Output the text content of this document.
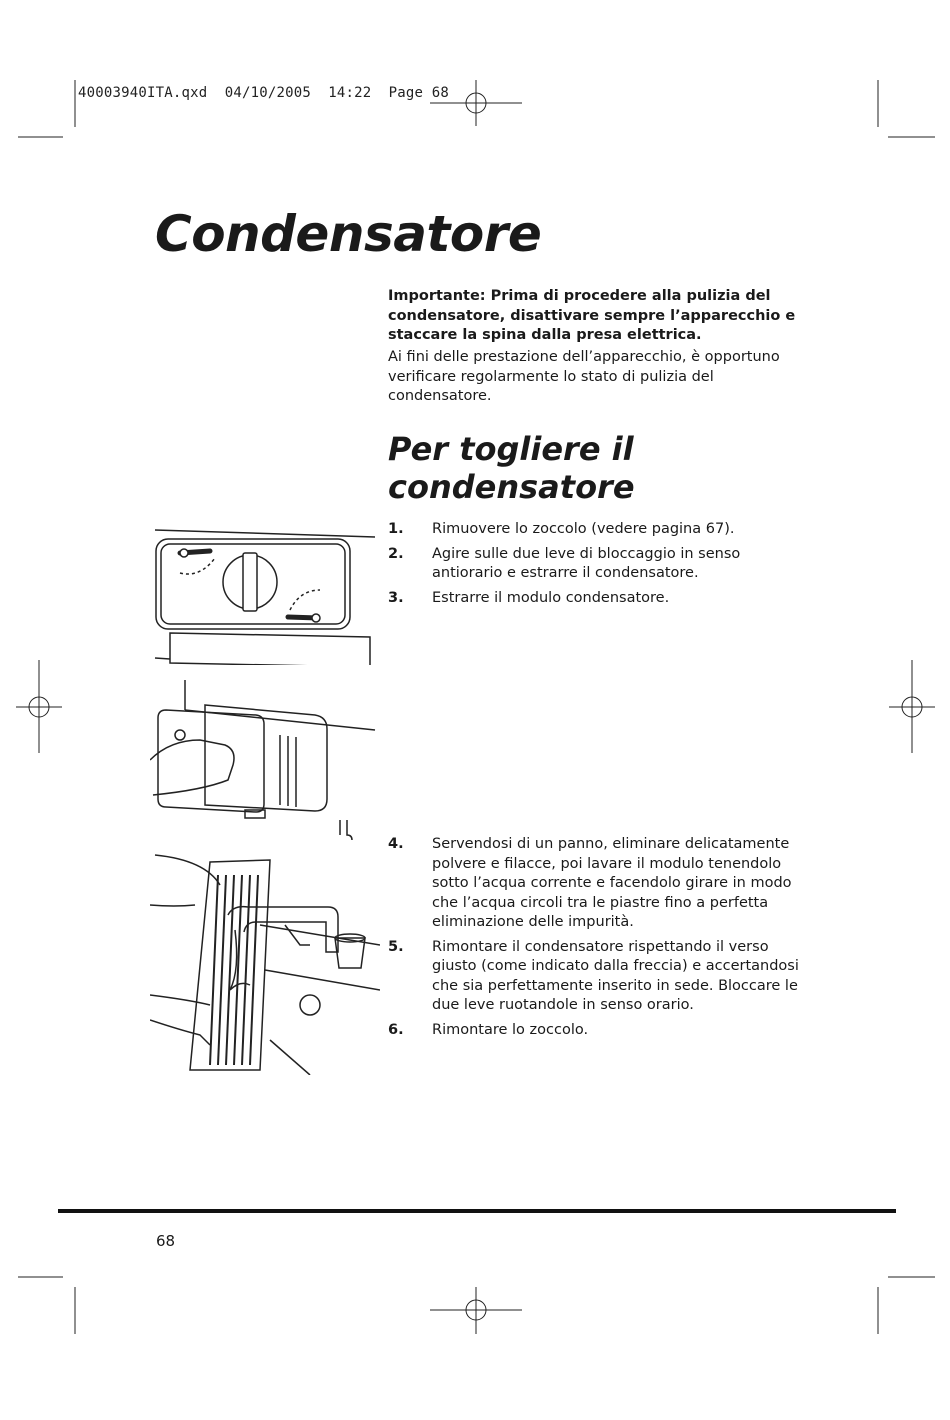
40003940ITA.qxd  04/10/2005  14:22  Page 68
Condensatore
Importante: Prima di procedere alla pulizia del condensatore, disattivare sempre l’apparecchio e staccare la spina dalla presa elettrica.
Ai fini delle prestazione dell’apparecchio, è opportuno verificare regolarmente lo stato di pulizia del condensatore.
Per togliere il condensatore
1. Rimuovere lo zoccolo (vedere pagina 67).
2. Agire sulle due leve di bloccaggio in senso antiorario e estrarre il condensatore.
3. Estrarre il modulo condensatore.
4. Servendosi di un panno, eliminare delicatamente polvere e filacce, poi lavare il modulo tenendolo sotto l’acqua corrente e facendolo girare in modo che l’acqua circoli tra le piastre fino a perfetta eliminazione delle impurità.
5. Rimontare il condensatore rispettando il verso giusto (come indicato dalla freccia) e accertandosi che sia perfettamente inserito in sede. Bloccare le due leve ruotandole in senso orario.
6. Rimontare lo zoccolo.
68
